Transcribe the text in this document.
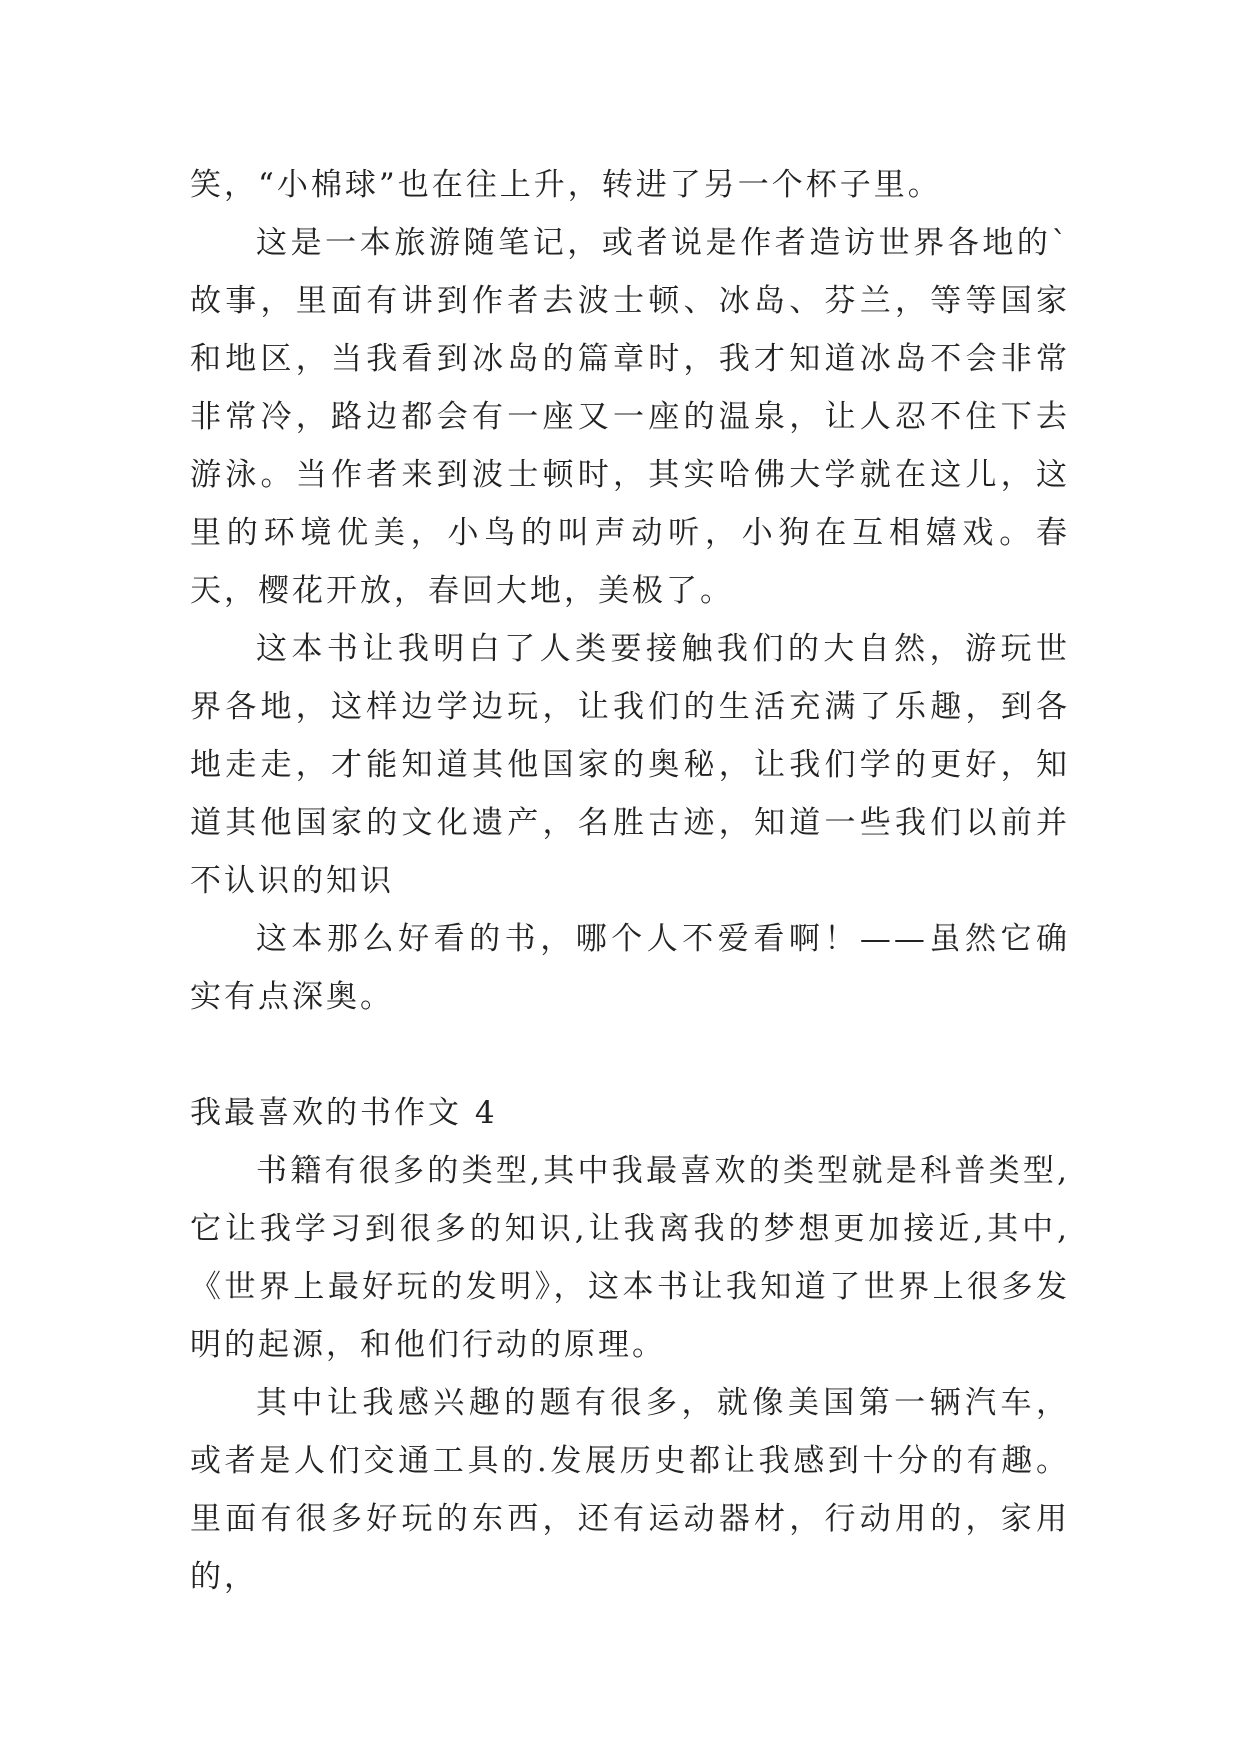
笑，“小棉球”也在往上升，转进了另一个杯子里。

这是一本旅游随笔记，或者说是作者造访世界各地的`故事，里面有讲到作者去波士顿、冰岛、芬兰，等等国家和地区，当我看到冰岛的篇章时，我才知道冰岛不会非常非常冷，路边都会有一座又一座的温泉，让人忍不住下去游泳。当作者来到波士顿时，其实哈佛大学就在这儿，这里的环境优美，小鸟的叫声动听，小狗在互相嬉戏。春天，樱花开放，春回大地，美极了。

这本书让我明白了人类要接触我们的大自然，游玩世界各地，这样边学边玩，让我们的生活充满了乐趣，到各地走走，才能知道其他国家的奥秘，让我们学的更好，知道其他国家的文化遗产，名胜古迹，知道一些我们以前并不认识的知识

这本那么好看的书，哪个人不爱看啊！——虽然它确实有点深奥。

我最喜欢的书作文 4

书籍有很多的类型,其中我最喜欢的类型就是科普类型,它让我学习到很多的知识,让我离我的梦想更加接近,其中,《世界上最好玩的发明》，这本书让我知道了世界上很多发明的起源，和他们行动的原理。

其中让我感兴趣的题有很多，就像美国第一辆汽车，或者是人们交通工具的.发展历史都让我感到十分的有趣。里面有很多好玩的东西，还有运动器材，行动用的，家用的，
